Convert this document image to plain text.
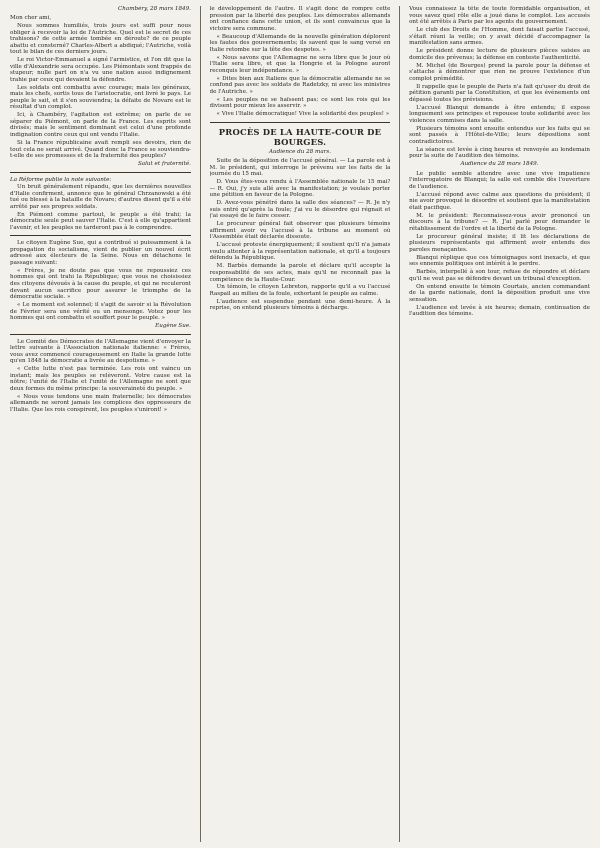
Chambéry, 28 mars 1849.
Mon cher ami,

Nous sommes humiliés, trois jours est suffi pour nous obliger à recevoir la loi de l'Autriche. Quel est le secret de ces trahisons? de cette armée tombée en déroute? de ce peuple abattu et consterné? Charles-Albert a abdiqué; l'Autriche, voilà tout le bilan de ces derniers jours.

Le roi Victor-Emmanuel a signé l'armistice, et l'on dit que la ville d'Alexandrie sera occupée. Les Piémontais sont frappés de stupeur; nulle part on n'a vu une nation aussi indignement trahie par ceux qui devaient la défendre.

Les soldats ont combattu avec courage; mais les généraux, mais les chefs, sortis tous de l'aristocratie, ont livré le pays. Le peuple le sait, et il s'en souviendra; la défaite de Novare est le résultat d'un complot.

Ici, à Chambéry, l'agitation est extrême; on parle de se séparer du Piémont, on parle de la France. Les esprits sont divisés; mais le sentiment dominant est celui d'une profonde indignation contre ceux qui ont vendu l'Italie.

Si la France républicaine avait rempli ses devoirs, rien de tout cela ne serait arrivé. Quand donc la France se souviendra-t-elle de ses promesses et de la fraternité des peuples?

Salut et fraternité.
La Réforme publie la note suivante:

Un bruit généralement répandu, que les dernières nouvelles d'Italie confirment, annonce que le général Chrzanowski a été tué ou blessé à la bataille de Novare; d'autres disent qu'il a été arrêté par ses propres soldats.

En Piémont comme partout, le peuple a été trahi; la démocratie seule peut sauver l'Italie. C'est à elle qu'appartient l'avenir, et les peuples ne tarderont pas à le comprendre.

Le citoyen Eugène Sue, qui a contribué si puissamment à la propagation du socialisme, vient de publier un nouvel écrit adressé aux électeurs de la Seine. Nous en détachons le passage suivant:

« Frères, je ne doute pas que vous ne repoussiez ces hommes qui ont trahi la République; que vous ne choisissiez des citoyens dévoués à la cause du peuple, et qui ne reculeront devant aucun sacrifice pour assurer le triomphe de la démocratie sociale. »

« Le moment est solennel; il s'agit de savoir si la Révolution de Février sera une vérité ou un mensonge. Votez pour les hommes qui ont combattu et souffert pour le peuple. »

Eugène Sue.

Le Comité des Démocrates de l'Allemagne vient d'envoyer la lettre suivante à l'Association nationale italienne: « Frères, vous avez commencé courageusement en Italie la grande lutte qu'en 1848 la démocratie a livrée au despotisme. »

« Cette lutte n'est pas terminée. Les rois ont vaincu un instant; mais les peuples se relèveront. Votre cause est la nôtre; l'unité de l'Italie et l'unité de l'Allemagne ne sont que deux formes du même principe: la souveraineté du peuple. »

« Nous vous tendons une main fraternelle; les démocrates allemands ne seront jamais les complices des oppresseurs de l'Italie. Que les rois conspirent, les peuples s'uniront! »

le développement de l'autre. Il s'agit donc de rompre cette pression par la liberté des peuples. Les démocrates allemands ont confiance dans cette union, et ils sont convaincus que la victoire sera commune.

« Beaucoup d'Allemands de la nouvelle génération déplorent les fautes des gouvernements; ils savent que le sang versé en Italie retombe sur la tête des despotes. »

« Nous savons que l'Allemagne ne sera libre que le jour où l'Italie sera libre, et que la Hongrie et la Pologne auront reconquis leur indépendance. »

« Dites bien aux Italiens que la démocratie allemande ne se confond pas avec les soldats de Radetzky, ni avec les ministres de l'Autriche. »

« Les peuples ne se haïssent pas; ce sont les rois qui les divisent pour mieux les asservir. »

« Vive l'Italie démocratique! Vive la solidarité des peuples! »

PROCÈS DE LA HAUTE-COUR DE BOURGES.
Audience du 28 mars.

Suite de la déposition de l'accusé général. — La parole est à M. le président, qui interroge le prévenu sur les faits de la journée du 15 mai.

D. Vous êtes-vous rendu à l'Assemblée nationale le 15 mai? — R. Oui, j'y suis allé avec la manifestation; je voulais porter une pétition en faveur de la Pologne.

D. Avez-vous pénétré dans la salle des séances? — R. Je n'y suis entré qu'après la foule; j'ai vu le désordre qui régnait et j'ai essayé de le faire cesser.

Le procureur général fait observer que plusieurs témoins affirment avoir vu l'accusé à la tribune au moment où l'Assemblée était déclarée dissoute.

L'accusé proteste énergiquement; il soutient qu'il n'a jamais voulu attenter à la représentation nationale, et qu'il a toujours défendu la République.

M. Barbès demande la parole et déclare qu'il accepte la responsabilité de ses actes, mais qu'il ne reconnaît pas la compétence de la Haute-Cour.

Un témoin, le citoyen Lebreton, rapporte qu'il a vu l'accusé Raspail au milieu de la foule, exhortant le peuple au calme.

L'audience est suspendue pendant une demi-heure. À la reprise, on entend plusieurs témoins à décharge.

Vous connaissez la tête de toute formidable organisation, et vous savez quel rôle elle a joué dans le complot. Les accusés ont été arrêtés à Paris par les agents du gouvernement.

Le club des Droits de l'Homme, dont faisait partie l'accusé, s'était réuni la veille; on y avait décidé d'accompagner la manifestation sans armes.

Le président donne lecture de plusieurs pièces saisies au domicile des prévenus; la défense en conteste l'authenticité.

M. Michel (de Bourges) prend la parole pour la défense et s'attache à démontrer que rien ne prouve l'existence d'un complot prémédité.

Il rappelle que le peuple de Paris n'a fait qu'user du droit de pétition garanti par la Constitution, et que les événements ont dépassé toutes les prévisions.

L'accusé Blanqui demande à être entendu; il expose longuement ses principes et repousse toute solidarité avec les violences commises dans la salle.

Plusieurs témoins sont ensuite entendus sur les faits qui se sont passés à l'Hôtel-de-Ville; leurs dépositions sont contradictoires.

La séance est levée à cinq heures et renvoyée au lendemain pour la suite de l'audition des témoins.

Audience du 28 mars 1849.

Le public semble attendre avec une vive impatience l'interrogatoire de Blanqui; la salle est comble dès l'ouverture de l'audience.

L'accusé répond avec calme aux questions du président; il nie avoir provoqué le désordre et soutient que la manifestation était pacifique.

M. le président: Reconnaissez-vous avoir prononcé un discours à la tribune? — R. J'ai parlé pour demander le rétablissement de l'ordre et la liberté de la Pologne.

Le procureur général insiste; il lit les déclarations de plusieurs représentants qui affirment avoir entendu des paroles menaçantes.

Blanqui réplique que ces témoignages sont inexacts, et que ses ennemis politiques ont intérêt à le perdre.

Barbès, interpellé à son tour, refuse de répondre et déclare qu'il ne veut pas se défendre devant un tribunal d'exception.

On entend ensuite le témoin Courtais, ancien commandant de la garde nationale, dont la déposition produit une vive sensation.

L'audience est levée à six heures; demain, continuation de l'audition des témoins.
